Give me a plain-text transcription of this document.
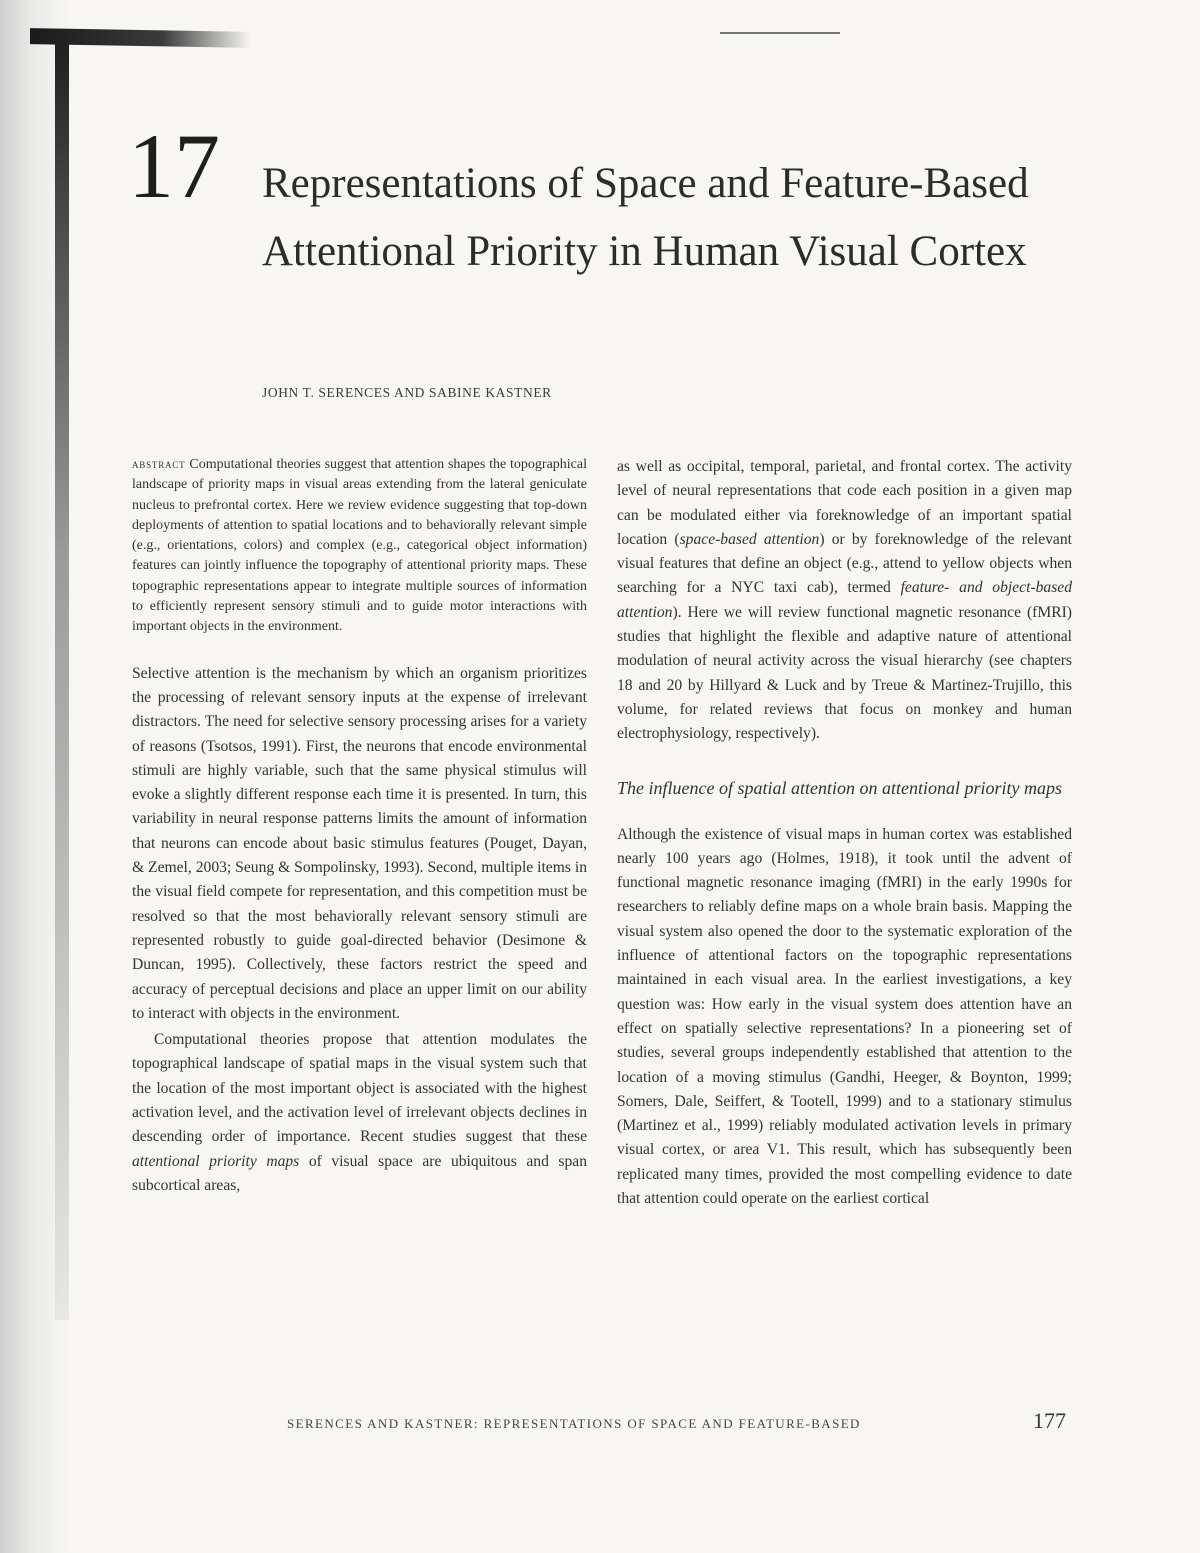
17 Representations of Space and Feature-Based Attentional Priority in Human Visual Cortex
JOHN T. SERENCES AND SABINE KASTNER

ABSTRACT Computational theories suggest that attention shapes the topographical landscape of priority maps in visual areas extending from the lateral geniculate nucleus to prefrontal cortex. Here we review evidence suggesting that top-down deployments of attention to spatial locations and to behaviorally relevant simple (e.g., orientations, colors) and complex (e.g., categorical object information) features can jointly influence the topography of attentional priority maps. These topographic representations appear to integrate multiple sources of information to efficiently represent sensory stimuli and to guide motor interactions with important objects in the environment.

Selective attention is the mechanism by which an organism prioritizes the processing of relevant sensory inputs at the expense of irrelevant distractors. The need for selective sensory processing arises for a variety of reasons (Tsotsos, 1991). First, the neurons that encode environmental stimuli are highly variable, such that the same physical stimulus will evoke a slightly different response each time it is presented. In turn, this variability in neural response patterns limits the amount of information that neurons can encode about basic stimulus features (Pouget, Dayan, & Zemel, 2003; Seung & Sompolinsky, 1993). Second, multiple items in the visual field compete for representation, and this competition must be resolved so that the most behaviorally relevant sensory stimuli are represented robustly to guide goal-directed behavior (Desimone & Duncan, 1995). Collectively, these factors restrict the speed and accuracy of perceptual decisions and place an upper limit on our ability to interact with objects in the environment.

Computational theories propose that attention modulates the topographical landscape of spatial maps in the visual system such that the location of the most important object is associated with the highest activation level, and the activation level of irrelevant objects declines in descending order of importance. Recent studies suggest that these attentional priority maps of visual space are ubiquitous and span subcortical areas,

as well as occipital, temporal, parietal, and frontal cortex. The activity level of neural representations that code each position in a given map can be modulated either via foreknowledge of an important spatial location (space-based attention) or by foreknowledge of the relevant visual features that define an object (e.g., attend to yellow objects when searching for a NYC taxi cab), termed feature- and object-based attention). Here we will review functional magnetic resonance (fMRI) studies that highlight the flexible and adaptive nature of attentional modulation of neural activity across the visual hierarchy (see chapters 18 and 20 by Hillyard & Luck and by Treue & Martinez-Trujillo, this volume, for related reviews that focus on monkey and human electrophysiology, respectively).

The influence of spatial attention on attentional priority maps

Although the existence of visual maps in human cortex was established nearly 100 years ago (Holmes, 1918), it took until the advent of functional magnetic resonance imaging (fMRI) in the early 1990s for researchers to reliably define maps on a whole brain basis. Mapping the visual system also opened the door to the systematic exploration of the influence of attentional factors on the topographic representations maintained in each visual area. In the earliest investigations, a key question was: How early in the visual system does attention have an effect on spatially selective representations? In a pioneering set of studies, several groups independently established that attention to the location of a moving stimulus (Gandhi, Heeger, & Boynton, 1999; Somers, Dale, Seiffert, & Tootell, 1999) and to a stationary stimulus (Martinez et al., 1999) reliably modulated activation levels in primary visual cortex, or area V1. This result, which has subsequently been replicated many times, provided the most compelling evidence to date that attention could operate on the earliest cortical

SERENCES AND KASTNER: REPRESENTATIONS OF SPACE AND FEATURE-BASED	177
